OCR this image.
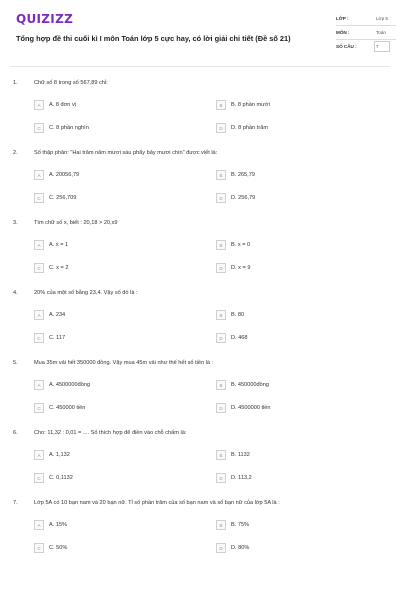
QUIZIZZ
Tổng hợp đề thi cuối kì I môn Toán lớp 5 cực hay, có lời giải chi tiết (Đề số 21)
LỚP :	Lớp 5
MÔN :	Toán
SỐ CÂU :	7
1.	Chữ số 8 trong số 567,89 chỉ:
A	A. 8 đơn vị	B	B. 8 phần mười
C	C. 8 phần nghìn	D	D. 8 phần trăm
2.	Số thập phân: "Hai trăm năm mươi sáu phẩy bảy mươi chín" được viết là:
A	A. 20056,79	B	B. 265,79
C	C. 256,709	D	D. 256,79
3.	Tìm chữ số x, biết : 20,18 > 20,x9
A	A. x = 1	B	B. x = 0
C	C. x = 2	D	D. x = 9
4.	20% của một số bằng 23,4. Vậy số đó là :
A	A. 234	B	B. 80
C	C. 117	D	D. 468
5.	Mua 35m vải hết 350000 đồng. Vậy mua 45m vải như thế hết số tiền là :
A	A. 4500000đồng	B	B. 450000đồng
C	C. 450000 tiền	D	D. 4500000 tiền
6.	Cho: 11,32 : 0,01 = .... Số thích hợp để điền vào chỗ chấm là:
A	A. 1,132	B	B. 1132
C	C. 0,1132	D	D. 113,2
7.	Lớp 5A có 10 bạn nam và 20 bạn nữ. Tỉ số phần trăm của số bạn nam và số bạn nữ của lớp 5A là :
A	A. 15%	B	B. 75%
C	C. 50%	D	D. 80%
